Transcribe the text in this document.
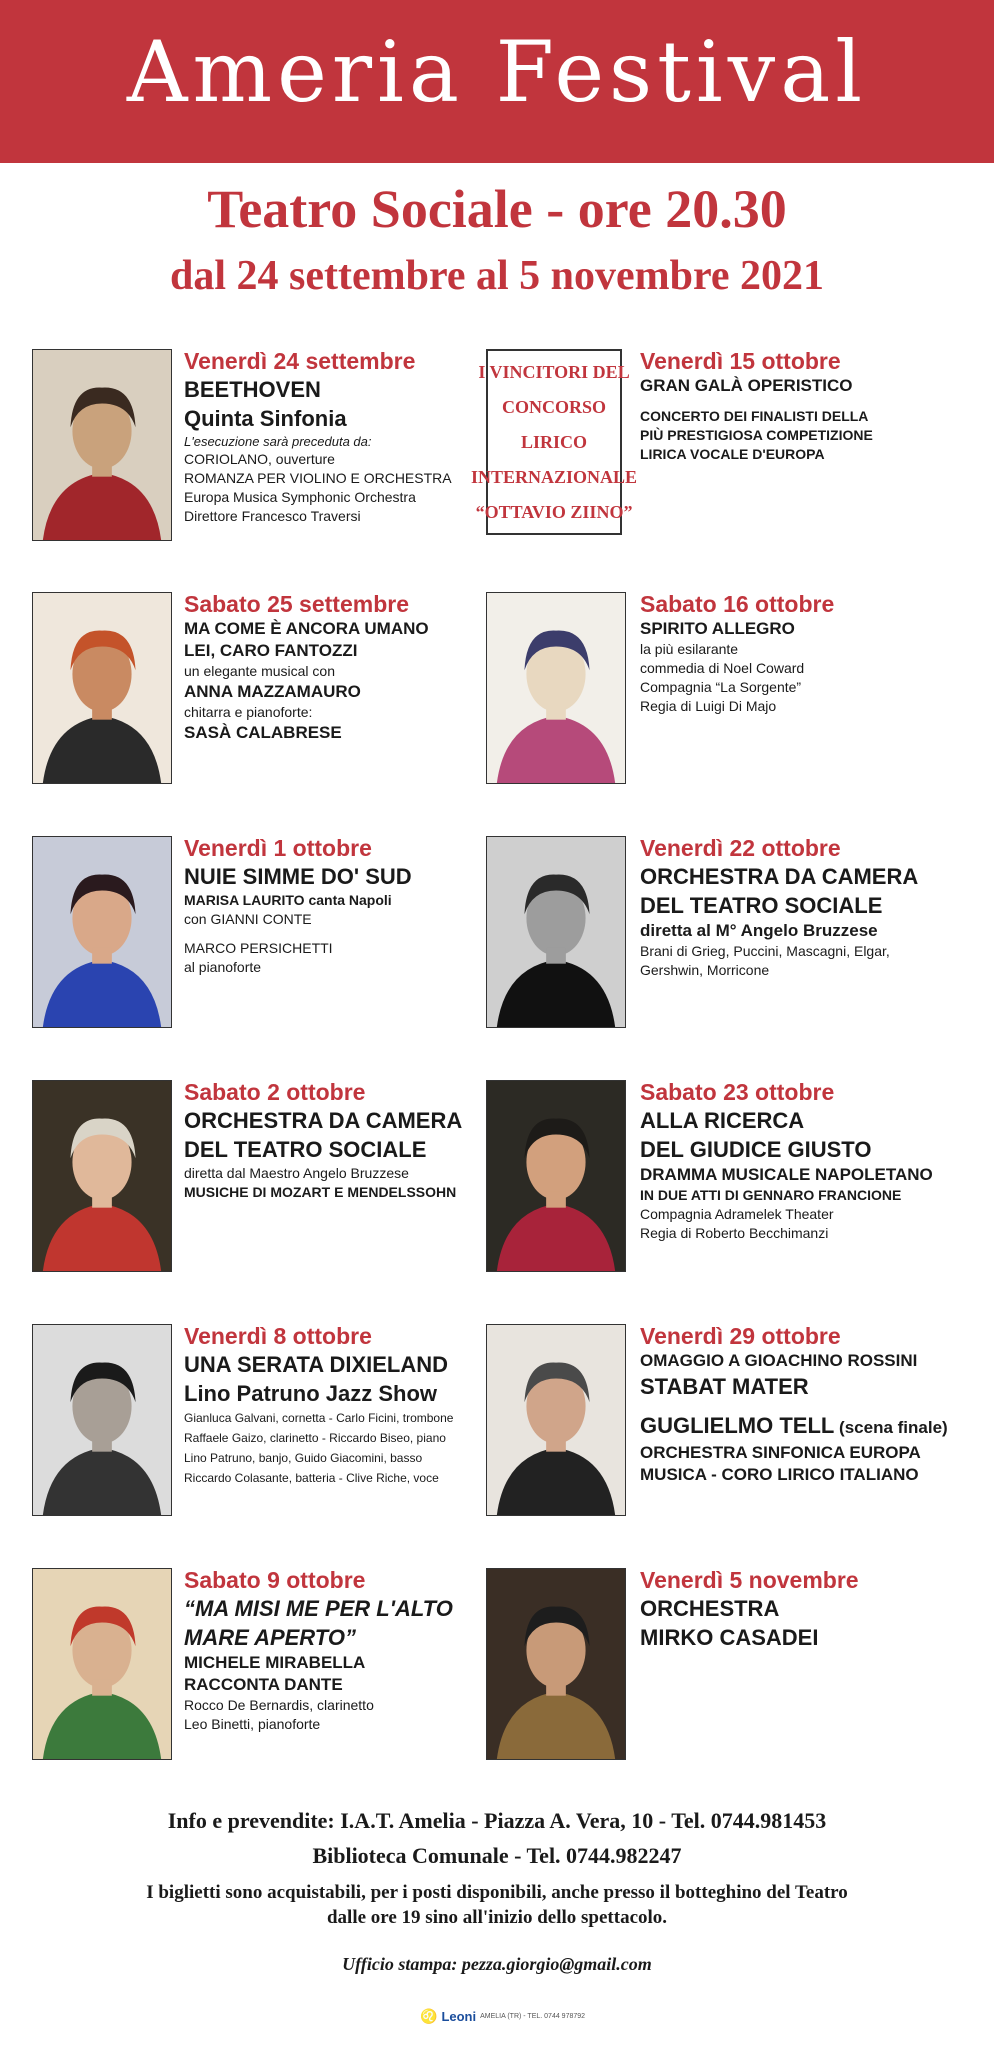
Ameria Festival
Teatro Sociale - ore 20.30
dal 24 settembre al 5 novembre 2021
Venerdì 24 settembre
BEETHOVEN
Quinta Sinfonia
L'esecuzione sarà preceduta da:
CORIOLANO, ouverture
ROMANZA PER VIOLINO E ORCHESTRA
Europa Musica Symphonic Orchestra
Direttore Francesco Traversi
Venerdì 15 ottobre
GRAN GALÀ OPERISTICO
CONCERTO DEI FINALISTI DELLA
PIÙ PRESTIGIOSA COMPETIZIONE
LIRICA VOCALE D'EUROPA
Sabato 25 settembre
MA COME È ANCORA UMANO
LEI, CARO FANTOZZI
un elegante musical con
ANNA MAZZAMAURO
chitarra e pianoforte:
SASÀ CALABRESE
Sabato 16 ottobre
SPIRITO ALLEGRO
la più esilarante
commedia di Noel Coward
Compagnia “La Sorgente”
Regia di Luigi Di Majo
Venerdì 1 ottobre
NUIE SIMME DO' SUD
MARISA LAURITO canta Napoli
con GIANNI CONTE
MARCO PERSICHETTI
al pianoforte
Venerdì 22 ottobre
ORCHESTRA DA CAMERA
DEL TEATRO SOCIALE
diretta al M° Angelo Bruzzese
Brani di Grieg, Puccini, Mascagni, Elgar,
Gershwin, Morricone
Sabato 2 ottobre
ORCHESTRA DA CAMERA
DEL TEATRO SOCIALE
diretta dal Maestro Angelo Bruzzese
MUSICHE DI MOZART E MENDELSSOHN
Sabato 23 ottobre
ALLA RICERCA
DEL GIUDICE GIUSTO
DRAMMA MUSICALE NAPOLETANO
IN DUE ATTI DI GENNARO FRANCIONE
Compagnia Adramelek Theater
Regia di Roberto Becchimanzi
Venerdì 8 ottobre
UNA SERATA DIXIELAND
Lino Patruno Jazz Show
Gianluca Galvani, cornetta - Carlo Ficini, trombone
Raffaele Gaizo, clarinetto - Riccardo Biseo, piano
Lino Patruno, banjo, Guido Giacomini, basso
Riccardo Colasante, batteria - Clive Riche, voce
Venerdì 29 ottobre
OMAGGIO A GIOACHINO ROSSINI
STABAT MATER
GUGLIELMO TELL (scena finale)
ORCHESTRA SINFONICA EUROPA
MUSICA - CORO LIRICO ITALIANO
Sabato 9 ottobre
“MA MISI ME PER L'ALTO
MARE APERTO”
MICHELE MIRABELLA
RACCONTA DANTE
Rocco De Bernardis, clarinetto
Leo Binetti, pianoforte
Venerdì 5 novembre
ORCHESTRA
MIRKO CASADEI
I VINCITORI DEL
CONCORSO
LIRICO
INTERNAZIONALE
“OTTAVIO ZIINO”
Info e prevendite: I.A.T. Amelia - Piazza A. Vera, 10 - Tel. 0744.981453
Biblioteca Comunale - Tel. 0744.982247
I biglietti sono acquistabili, per i posti disponibili, anche presso il botteghino del Teatro
dalle ore 19 sino all'inizio dello spettacolo.
Ufficio stampa: pezza.giorgio@gmail.com
♌ Leoni AMELIA (TR) - TEL. 0744 978792
